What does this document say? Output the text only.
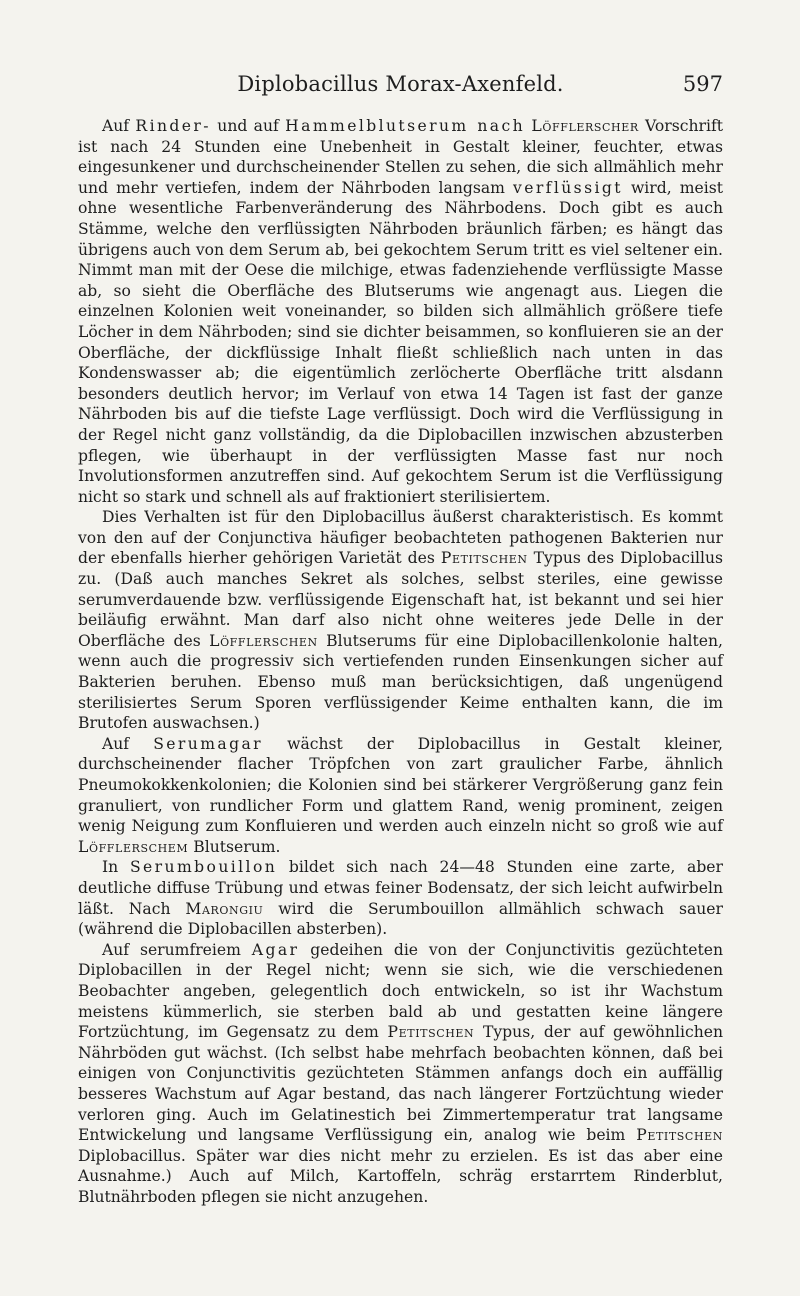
Diplobacillus Morax-Axenfeld.	597

Auf Rinder- und auf Hammelblutserum nach Löfflerscher Vorschrift ist nach 24 Stunden eine Unebenheit in Gestalt kleiner, feuchter, etwas eingesunkener und durchscheinender Stellen zu sehen, die sich allmählich mehr und mehr vertiefen, indem der Nährboden langsam verflüssigt wird, meist ohne wesentliche Farbenveränderung des Nährbodens. Doch gibt es auch Stämme, welche den verflüssigten Nährboden bräunlich färben; es hängt das übrigens auch von dem Serum ab, bei gekochtem Serum tritt es viel seltener ein. Nimmt man mit der Oese die milchige, etwas fadenziehende verflüssigte Masse ab, so sieht die Oberfläche des Blutserums wie angenagt aus. Liegen die einzelnen Kolonien weit voneinander, so bilden sich allmählich größere tiefe Löcher in dem Nährboden; sind sie dichter beisammen, so konfluieren sie an der Oberfläche, der dickflüssige Inhalt fließt schließlich nach unten in das Kondenswasser ab; die eigentümlich zerlöcherte Oberfläche tritt alsdann besonders deutlich hervor; im Verlauf von etwa 14 Tagen ist fast der ganze Nährboden bis auf die tiefste Lage verflüssigt. Doch wird die Verflüssigung in der Regel nicht ganz vollständig, da die Diplobacillen inzwischen abzusterben pflegen, wie überhaupt in der verflüssigten Masse fast nur noch Involutionsformen anzutreffen sind. Auf gekochtem Serum ist die Verflüssigung nicht so stark und schnell als auf fraktioniert sterilisiertem.

Dies Verhalten ist für den Diplobacillus äußerst charakteristisch. Es kommt von den auf der Conjunctiva häufiger beobachteten pathogenen Bakterien nur der ebenfalls hierher gehörigen Varietät des Petitschen Typus des Diplobacillus zu. (Daß auch manches Sekret als solches, selbst steriles, eine gewisse serumverdauende bzw. verflüssigende Eigenschaft hat, ist bekannt und sei hier beiläufig erwähnt. Man darf also nicht ohne weiteres jede Delle in der Oberfläche des Löfflerschen Blutserums für eine Diplobacillenkolonie halten, wenn auch die progressiv sich vertiefenden runden Einsenkungen sicher auf Bakterien beruhen. Ebenso muß man berücksichtigen, daß ungenügend sterilisiertes Serum Sporen verflüssigender Keime enthalten kann, die im Brutofen auswachsen.)

Auf Serumagar wächst der Diplobacillus in Gestalt kleiner, durchscheinender flacher Tröpfchen von zart graulicher Farbe, ähnlich Pneumokokkenkolonien; die Kolonien sind bei stärkerer Vergrößerung ganz fein granuliert, von rundlicher Form und glattem Rand, wenig prominent, zeigen wenig Neigung zum Konfluieren und werden auch einzeln nicht so groß wie auf Löfflerschem Blutserum.

In Serumbouillon bildet sich nach 24—48 Stunden eine zarte, aber deutliche diffuse Trübung und etwas feiner Bodensatz, der sich leicht aufwirbeln läßt. Nach Marongiu wird die Serumbouillon allmählich schwach sauer (während die Diplobacillen absterben).

Auf serumfreiem Agar gedeihen die von der Conjunctivitis gezüchteten Diplobacillen in der Regel nicht; wenn sie sich, wie die verschiedenen Beobachter angeben, gelegentlich doch entwickeln, so ist ihr Wachstum meistens kümmerlich, sie sterben bald ab und gestatten keine längere Fortzüchtung, im Gegensatz zu dem Petitschen Typus, der auf gewöhnlichen Nährböden gut wächst. (Ich selbst habe mehrfach beobachten können, daß bei einigen von Conjunctivitis gezüchteten Stämmen anfangs doch ein auffällig besseres Wachstum auf Agar bestand, das nach längerer Fortzüchtung wieder verloren ging. Auch im Gelatinestich bei Zimmertemperatur trat langsame Entwickelung und langsame Verflüssigung ein, analog wie beim Petitschen Diplobacillus. Später war dies nicht mehr zu erzielen. Es ist das aber eine Ausnahme.) Auch auf Milch, Kartoffeln, schräg erstarrtem Rinderblut, Blutnährboden pflegen sie nicht anzugehen.
